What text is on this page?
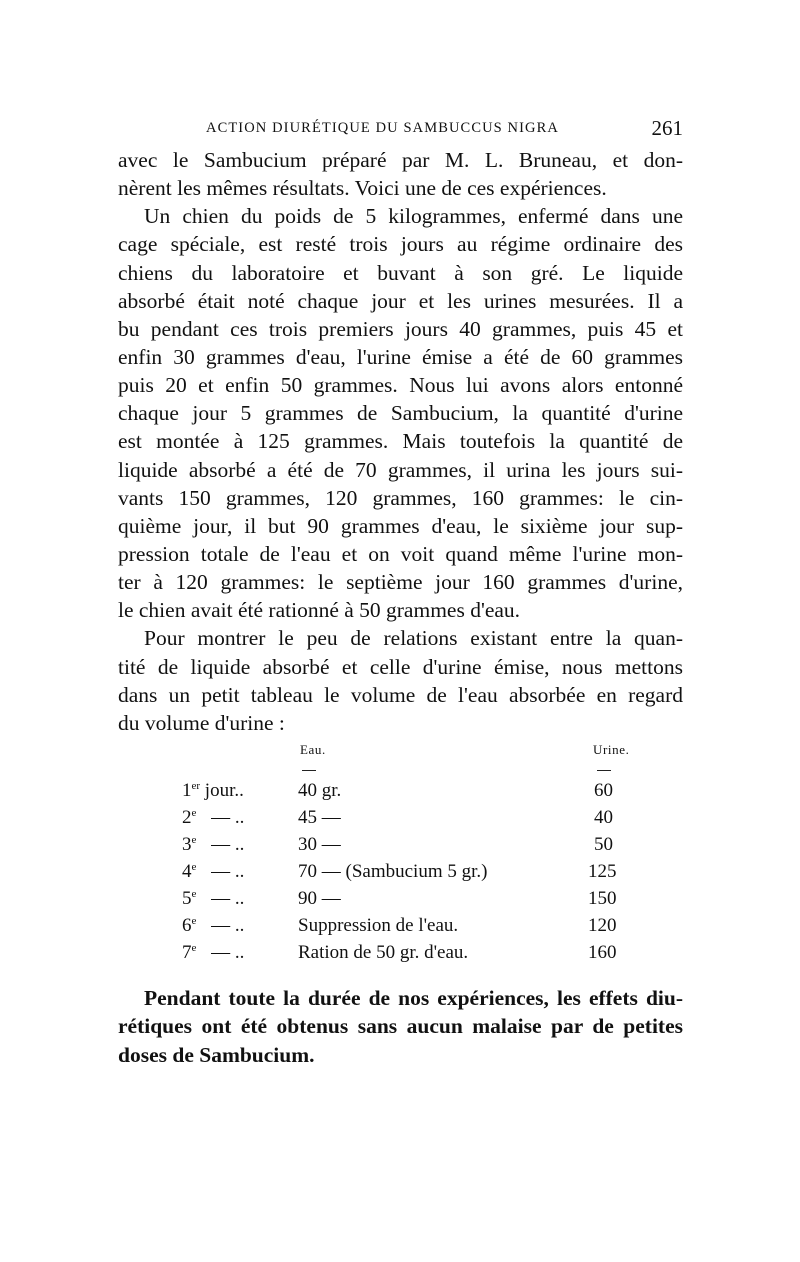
ACTION DIURÉTIQUE DU SAMBUCCUS NIGRA	261
avec le Sambucium préparé par M. L. Bruneau, et don-
nèrent les mêmes résultats. Voici une de ces expériences.
Un chien du poids de 5 kilogrammes, enfermé dans une
cage spéciale, est resté trois jours au régime ordinaire des
chiens du laboratoire et buvant à son gré. Le liquide
absorbé était noté chaque jour et les urines mesurées. Il a
bu pendant ces trois premiers jours 40 grammes, puis 45 et
enfin 30 grammes d'eau, l'urine émise a été de 60 grammes
puis 20 et enfin 50 grammes. Nous lui avons alors entonné
chaque jour 5 grammes de Sambucium, la quantité d'urine
est montée à 125 grammes. Mais toutefois la quantité de
liquide absorbé a été de 70 grammes, il urina les jours sui-
vants 150 grammes, 120 grammes, 160 grammes: le cin-
quième jour, il but 90 grammes d'eau, le sixième jour sup-
pression totale de l'eau et on voit quand même l'urine mon-
ter à 120 grammes: le septième jour 160 grammes d'urine,
le chien avait été rationné à 50 grammes d'eau.
Pour montrer le peu de relations existant entre la quan-
tité de liquide absorbé et celle d'urine émise, nous mettons
dans un petit tableau le volume de l'eau absorbée en regard
du volume d'urine :
Eau.	Urine.
1er jour..	40 gr.	60
2e — ..	45 —	40
3e — ..	30 —	50
4e — ..	70 — (Sambucium 5 gr.)	125
5e — ..	90 —	150
6e — ..	Suppression de l'eau.	120
7e — ..	Ration de 50 gr. d'eau.	160
Pendant toute la durée de nos expériences, les effets diu-
rétiques ont été obtenus sans aucun malaise par de petites
doses de Sambucium.
